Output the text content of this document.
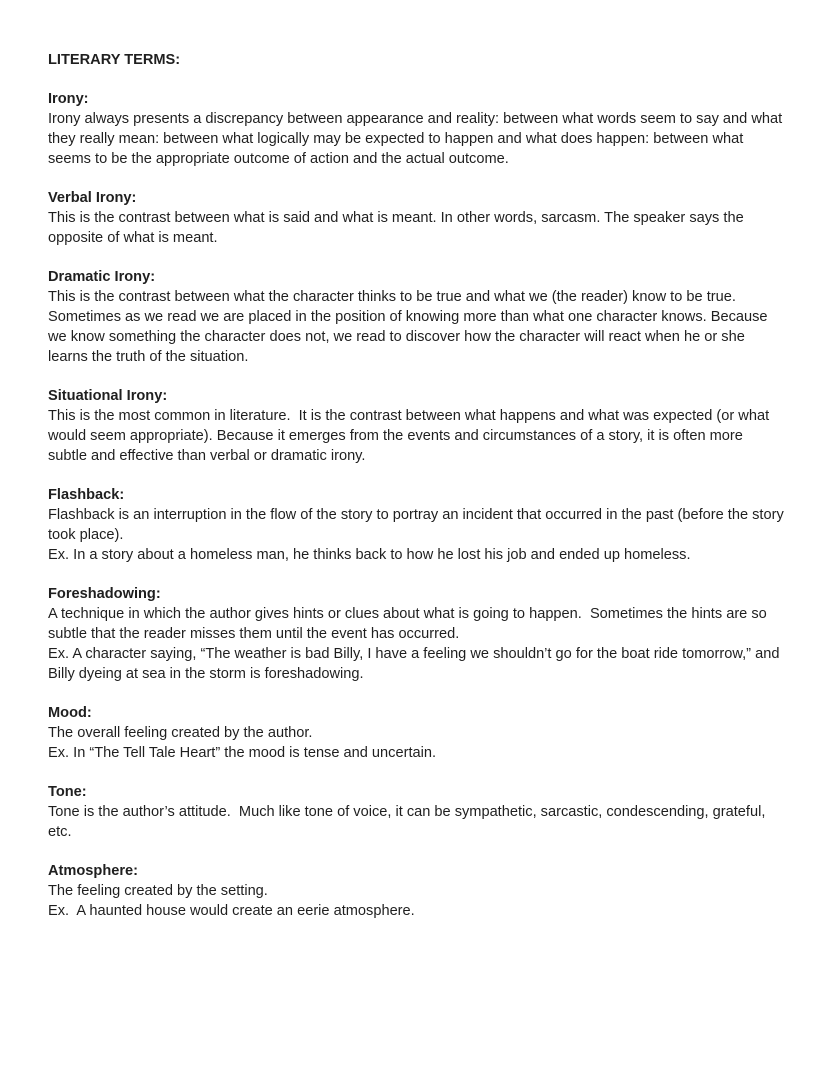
LITERARY TERMS:
Irony:

Irony always presents a discrepancy between appearance and reality: between what words seem to say and what they really mean: between what logically may be expected to happen and what does happen: between what seems to be the appropriate outcome of action and the actual outcome.

Verbal Irony:

This is the contrast between what is said and what is meant. In other words, sarcasm. The speaker says the opposite of what is meant.

Dramatic Irony:

This is the contrast between what the character thinks to be true and what we (the reader) know to be true. Sometimes as we read we are placed in the position of knowing more than what one character knows. Because we know something the character does not, we read to discover how the character will react when he or she learns the truth of the situation.

Situational Irony:

This is the most common in literature.  It is the contrast between what happens and what was expected (or what would seem appropriate). Because it emerges from the events and circumstances of a story, it is often more subtle and effective than verbal or dramatic irony.

Flashback:

Flashback is an interruption in the flow of the story to portray an incident that occurred in the past (before the story took place).

Ex. In a story about a homeless man, he thinks back to how he lost his job and ended up homeless.

Foreshadowing:

A technique in which the author gives hints or clues about what is going to happen.  Sometimes the hints are so subtle that the reader misses them until the event has occurred.

Ex. A character saying, “The weather is bad Billy, I have a feeling we shouldn’t go for the boat ride tomorrow,” and Billy dyeing at sea in the storm is foreshadowing.

Mood:

The overall feeling created by the author.

Ex. In “The Tell Tale Heart” the mood is tense and uncertain.

Tone:

Tone is the author’s attitude.  Much like tone of voice, it can be sympathetic, sarcastic, condescending, grateful, etc.

Atmosphere:

The feeling created by the setting.

Ex.  A haunted house would create an eerie atmosphere.
